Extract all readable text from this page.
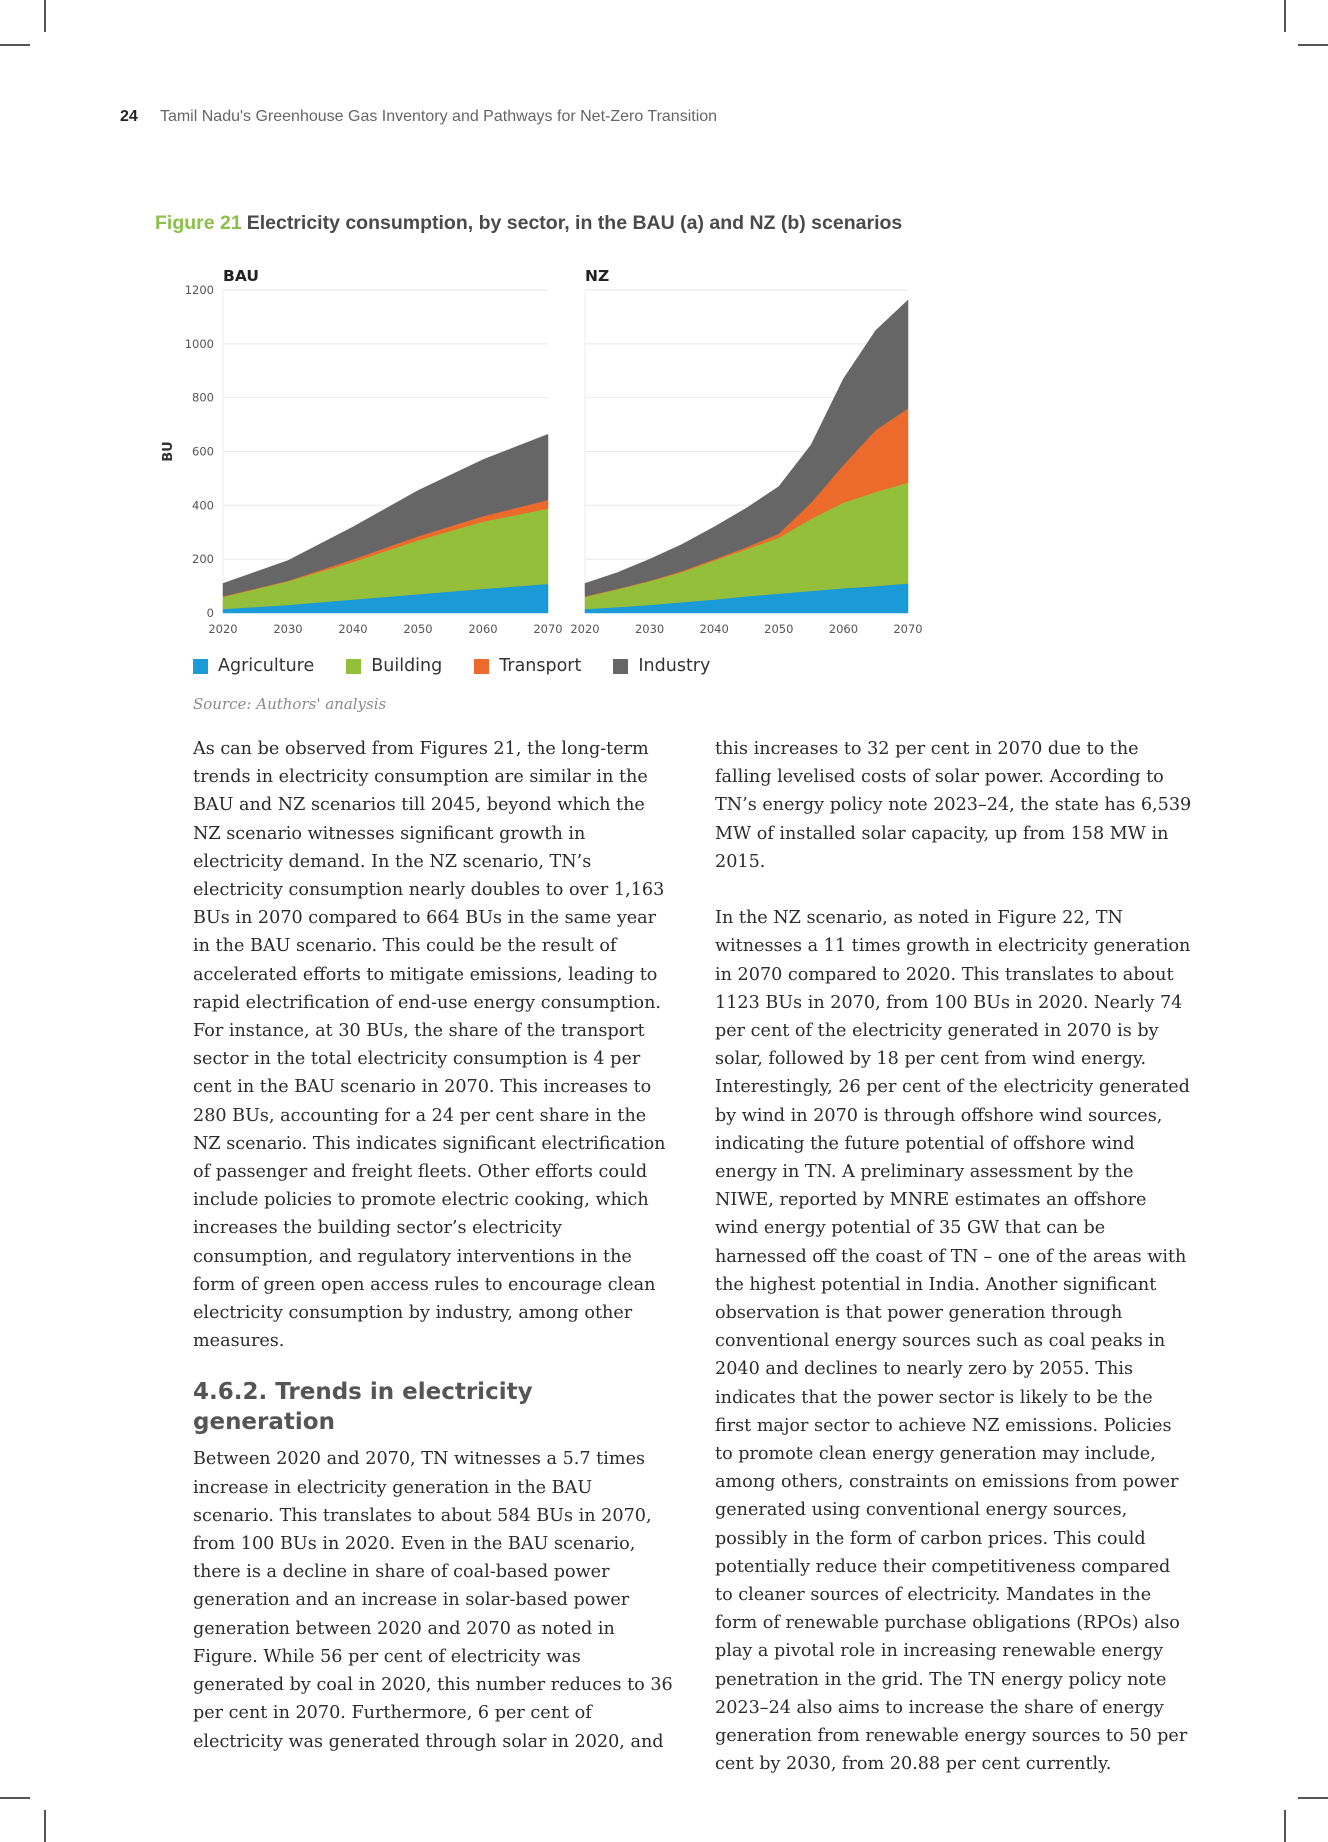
24 Tamil Nadu's Greenhouse Gas Inventory and Pathways for Net-Zero Transition
Figure 21 Electricity consumption, by sector, in the BAU (a) and NZ (b) scenarios
BAU
2020	2030	2040	2050	2060	2070
0
200
400
600
800
1000
1200
BU
NZ
2020	2030	2040	2050	2060	2070
Agriculture	Building	Transport	Industry
Source: Authors' analysis

As can be observed from Figures 21, the long-term trends in electricity consumption are similar in the BAU and NZ scenarios till 2045, beyond which the NZ scenario witnesses significant growth in electricity demand. In the NZ scenario, TN’s electricity consumption nearly doubles to over 1,163 BUs in 2070 compared to 664 BUs in the same year in the BAU scenario. This could be the result of accelerated efforts to mitigate emissions, leading to rapid electrification of end-use energy consumption. For instance, at 30 BUs, the share of the transport sector in the total electricity consumption is 4 per cent in the BAU scenario in 2070. This increases to 280 BUs, accounting for a 24 per cent share in the NZ scenario. This indicates significant electrification of passenger and freight fleets. Other efforts could include policies to promote electric cooking, which increases the building sector’s electricity consumption, and regulatory interventions in the form of green open access rules to encourage clean electricity consumption by industry, among other measures.

4.6.2. Trends in electricity generation

Between 2020 and 2070, TN witnesses a 5.7 times increase in electricity generation in the BAU scenario. This translates to about 584 BUs in 2070, from 100 BUs in 2020. Even in the BAU scenario, there is a decline in share of coal-based power generation and an increase in solar-based power generation between 2020 and 2070 as noted in Figure. While 56 per cent of electricity was generated by coal in 2020, this number reduces to 36 per cent in 2070. Furthermore, 6 per cent of electricity was generated through solar in 2020, and

this increases to 32 per cent in 2070 due to the falling levelised costs of solar power. According to TN’s energy policy note 2023–24, the state has 6,539 MW of installed solar capacity, up from 158 MW in 2015.

In the NZ scenario, as noted in Figure 22, TN witnesses a 11 times growth in electricity generation in 2070 compared to 2020. This translates to about 1123 BUs in 2070, from 100 BUs in 2020. Nearly 74 per cent of the electricity generated in 2070 is by solar, followed by 18 per cent from wind energy. Interestingly, 26 per cent of the electricity generated by wind in 2070 is through offshore wind sources, indicating the future potential of offshore wind energy in TN. A preliminary assessment by the NIWE, reported by MNRE estimates an offshore wind energy potential of 35 GW that can be harnessed off the coast of TN – one of the areas with the highest potential in India. Another significant observation is that power generation through conventional energy sources such as coal peaks in 2040 and declines to nearly zero by 2055. This indicates that the power sector is likely to be the first major sector to achieve NZ emissions. Policies to promote clean energy generation may include, among others, constraints on emissions from power generated using conventional energy sources, possibly in the form of carbon prices. This could potentially reduce their competitiveness compared to cleaner sources of electricity. Mandates in the form of renewable purchase obligations (RPOs) also play a pivotal role in increasing renewable energy penetration in the grid. The TN energy policy note 2023–24 also aims to increase the share of energy generation from renewable energy sources to 50 per cent by 2030, from 20.88 per cent currently.
